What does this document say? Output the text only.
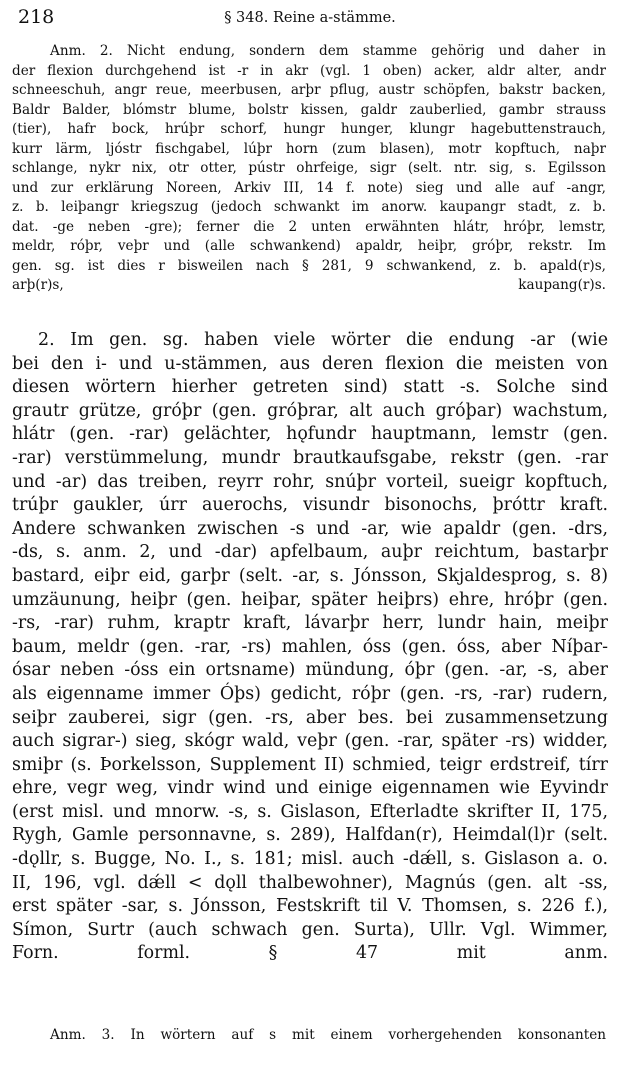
218	§ 348. Reine a-stämme.
Anm. 2. Nicht endung, sondern dem stamme gehörig und daher in
der flexion durchgehend ist -r in akr (vgl. 1 oben) acker, aldr alter, andr
schneeschuh, angr reue, meerbusen, arþr pflug, austr schöpfen, bakstr backen,
Baldr Balder, blómstr blume, bolstr kissen, galdr zauberlied, gambr strauss
(tier), hafr bock, hrúþr schorf, hungr hunger, klungr hagebuttenstrauch,
kurr lärm, ljóstr fischgabel, lúþr horn (zum blasen), motr kopftuch, naþr
schlange, nykr nix, otr otter, pústr ohrfeige, sigr (selt. ntr. sig, s. Egilsson
und zur erklärung Noreen, Arkiv III, 14 f. note) sieg und alle auf -angr,
z. b. leiþangr kriegszug (jedoch schwankt im anorw. kaupangr stadt, z. b.
dat. -ge neben -gre); ferner die 2 unten erwähnten hlátr, hróþr, lemstr,
meldr, róþr, veþr und (alle schwankend) apaldr, heiþr, gróþr, rekstr. Im
gen. sg. ist dies r bisweilen nach § 281, 9 schwankend, z. b. apald(r)s,
arþ(r)s, kaupang(r)s.
2. Im gen. sg. haben viele wörter die endung -ar (wie
bei den i- und u-stämmen, aus deren flexion die meisten von
diesen wörtern hierher getreten sind) statt -s. Solche sind
grautr grütze, gróþr (gen. gróþrar, alt auch gróþar) wachstum,
hlátr (gen. -rar) gelächter, hǫfundr hauptmann, lemstr (gen.
-rar) verstümmelung, mundr brautkaufsgabe, rekstr (gen. -rar
und -ar) das treiben, reyrr rohr, snúþr vorteil, sueigr kopftuch,
trúþr gaukler, úrr auerochs, visundr bisonochs, þróttr kraft.
Andere schwanken zwischen -s und -ar, wie apaldr (gen. -drs,
-ds, s. anm. 2, und -dar) apfelbaum, auþr reichtum, bastarþr
bastard, eiþr eid, garþr (selt. -ar, s. Jónsson, Skjaldesprog, s. 8)
umzäunung, heiþr (gen. heiþar, später heiþrs) ehre, hróþr (gen.
-rs, -rar) ruhm, kraptr kraft, lávarþr herr, lundr hain, meiþr
baum, meldr (gen. -rar, -rs) mahlen, óss (gen. óss, aber Níþar-
ósar neben -óss ein ortsname) mündung, óþr (gen. -ar, -s, aber
als eigenname immer Óþs) gedicht, róþr (gen. -rs, -rar) rudern,
seiþr zauberei, sigr (gen. -rs, aber bes. bei zusammensetzung
auch sigrar-) sieg, skógr wald, veþr (gen. -rar, später -rs) widder,
smiþr (s. Þorkelsson, Supplement II) schmied, teigr erdstreif, tírr
ehre, vegr weg, vindr wind und einige eigennamen wie Eyvindr
(erst misl. und mnorw. -s, s. Gislason, Efterladte skrifter II, 175,
Rygh, Gamle personnavne, s. 289), Halfdan(r), Heimdal(l)r (selt.
-dǫllr, s. Bugge, No. I., s. 181; misl. auch -dǽll, s. Gislason a. o.
II, 196, vgl. dǽll < dǫll thalbewohner), Magnús (gen. alt -ss,
erst später -sar, s. Jónsson, Festskrift til V. Thomsen, s. 226 f.),
Símon, Surtr (auch schwach gen. Surta), Ullr. Vgl. Wimmer,
Forn. forml. § 47 mit anm.
Anm. 3. In wörtern auf s mit einem vorhergehenden konsonanten
